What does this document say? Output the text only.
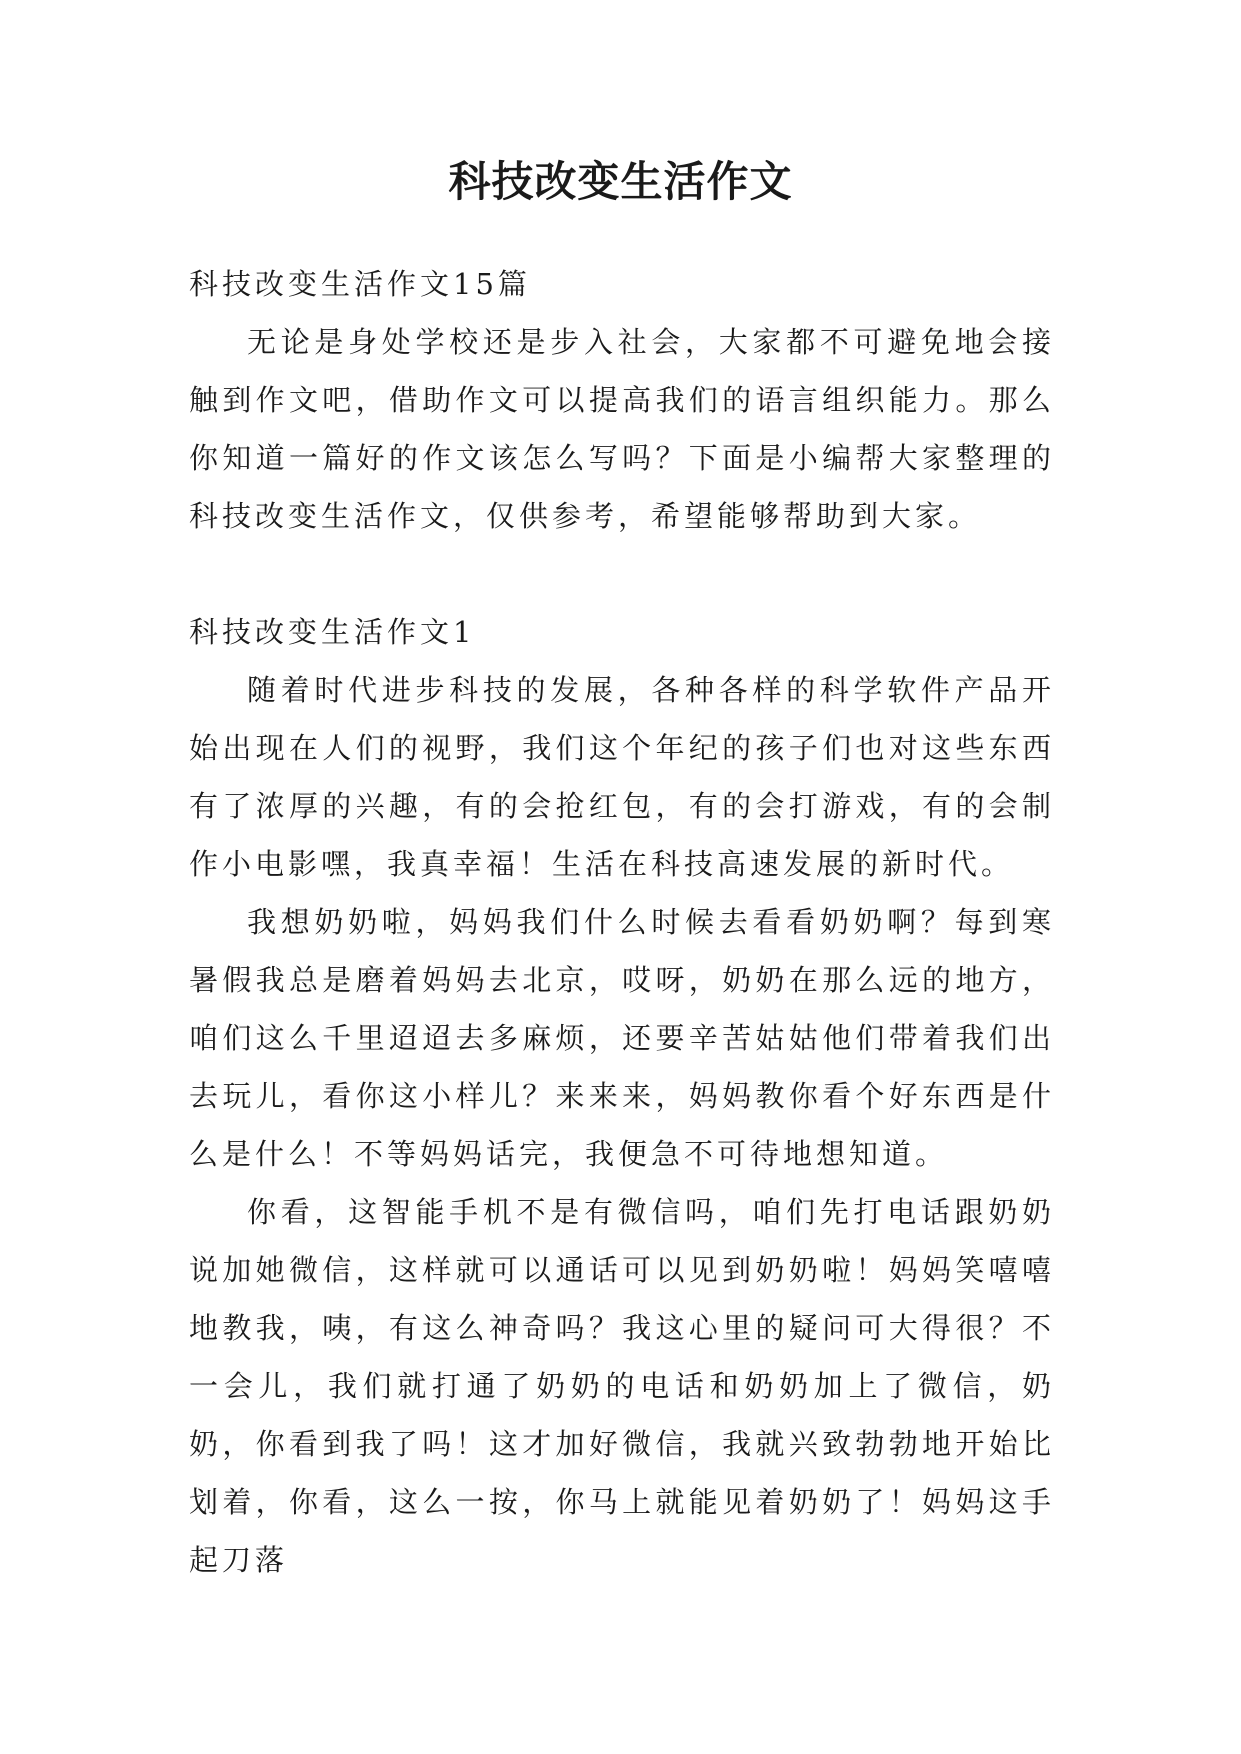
科技改变生活作文
科技改变生活作文15篇

无论是身处学校还是步入社会，大家都不可避免地会接触到作文吧，借助作文可以提高我们的语言组织能力。那么你知道一篇好的作文该怎么写吗？下面是小编帮大家整理的科技改变生活作文，仅供参考，希望能够帮助到大家。

科技改变生活作文1

随着时代进步科技的发展，各种各样的科学软件产品开始出现在人们的视野，我们这个年纪的孩子们也对这些东西有了浓厚的兴趣，有的会抢红包，有的会打游戏，有的会制作小电影嘿，我真幸福！生活在科技高速发展的新时代。

我想奶奶啦，妈妈我们什么时候去看看奶奶啊？每到寒暑假我总是磨着妈妈去北京，哎呀，奶奶在那么远的地方，咱们这么千里迢迢去多麻烦，还要辛苦姑姑他们带着我们出去玩儿，看你这小样儿？来来来，妈妈教你看个好东西是什么是什么！不等妈妈话完，我便急不可待地想知道。

你看，这智能手机不是有微信吗，咱们先打电话跟奶奶说加她微信，这样就可以通话可以见到奶奶啦！妈妈笑嘻嘻地教我，咦，有这么神奇吗？我这心里的疑问可大得很？不一会儿，我们就打通了奶奶的电话和奶奶加上了微信，奶奶，你看到我了吗！这才加好微信，我就兴致勃勃地开始比划着，你看，这么一按，你马上就能见着奶奶了！妈妈这手起刀落
